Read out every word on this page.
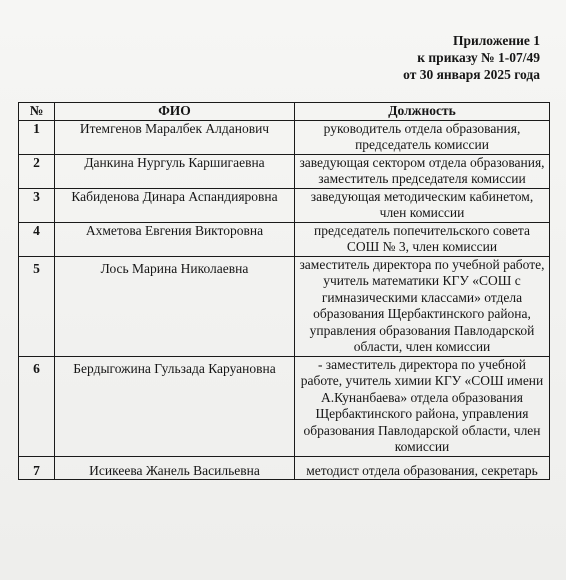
Приложение 1
к приказу № 1-07/49
от 30 января 2025 года
№	ФИО	Должность
1	Итемгенов Маралбек Алданович	руководитель отдела образования, председатель комиссии
2	Данкина Нургуль Каршигаевна	заведующая сектором отдела образования, заместитель председателя комиссии
3	Кабиденова Динара Аспандияровна	заведующая методическим кабинетом, член комиссии
4	Ахметова Евгения Викторовна	председатель попечительского совета СОШ № 3, член комиссии
5	Лось Марина Николаевна	заместитель директора по учебной работе, учитель математики КГУ «СОШ с гимназическими классами» отдела образования Щербактинского района, управления образования Павлодарской области, член комиссии
6	Бердыгожина Гульзада Каруановна	- заместитель директора по учебной работе, учитель химии КГУ «СОШ имени А.Кунанбаева» отдела образования Щербактинского района, управления образования Павлодарской области, член комиссии
7	Исикеева Жанель Васильевна	методист отдела образования, секретарь
